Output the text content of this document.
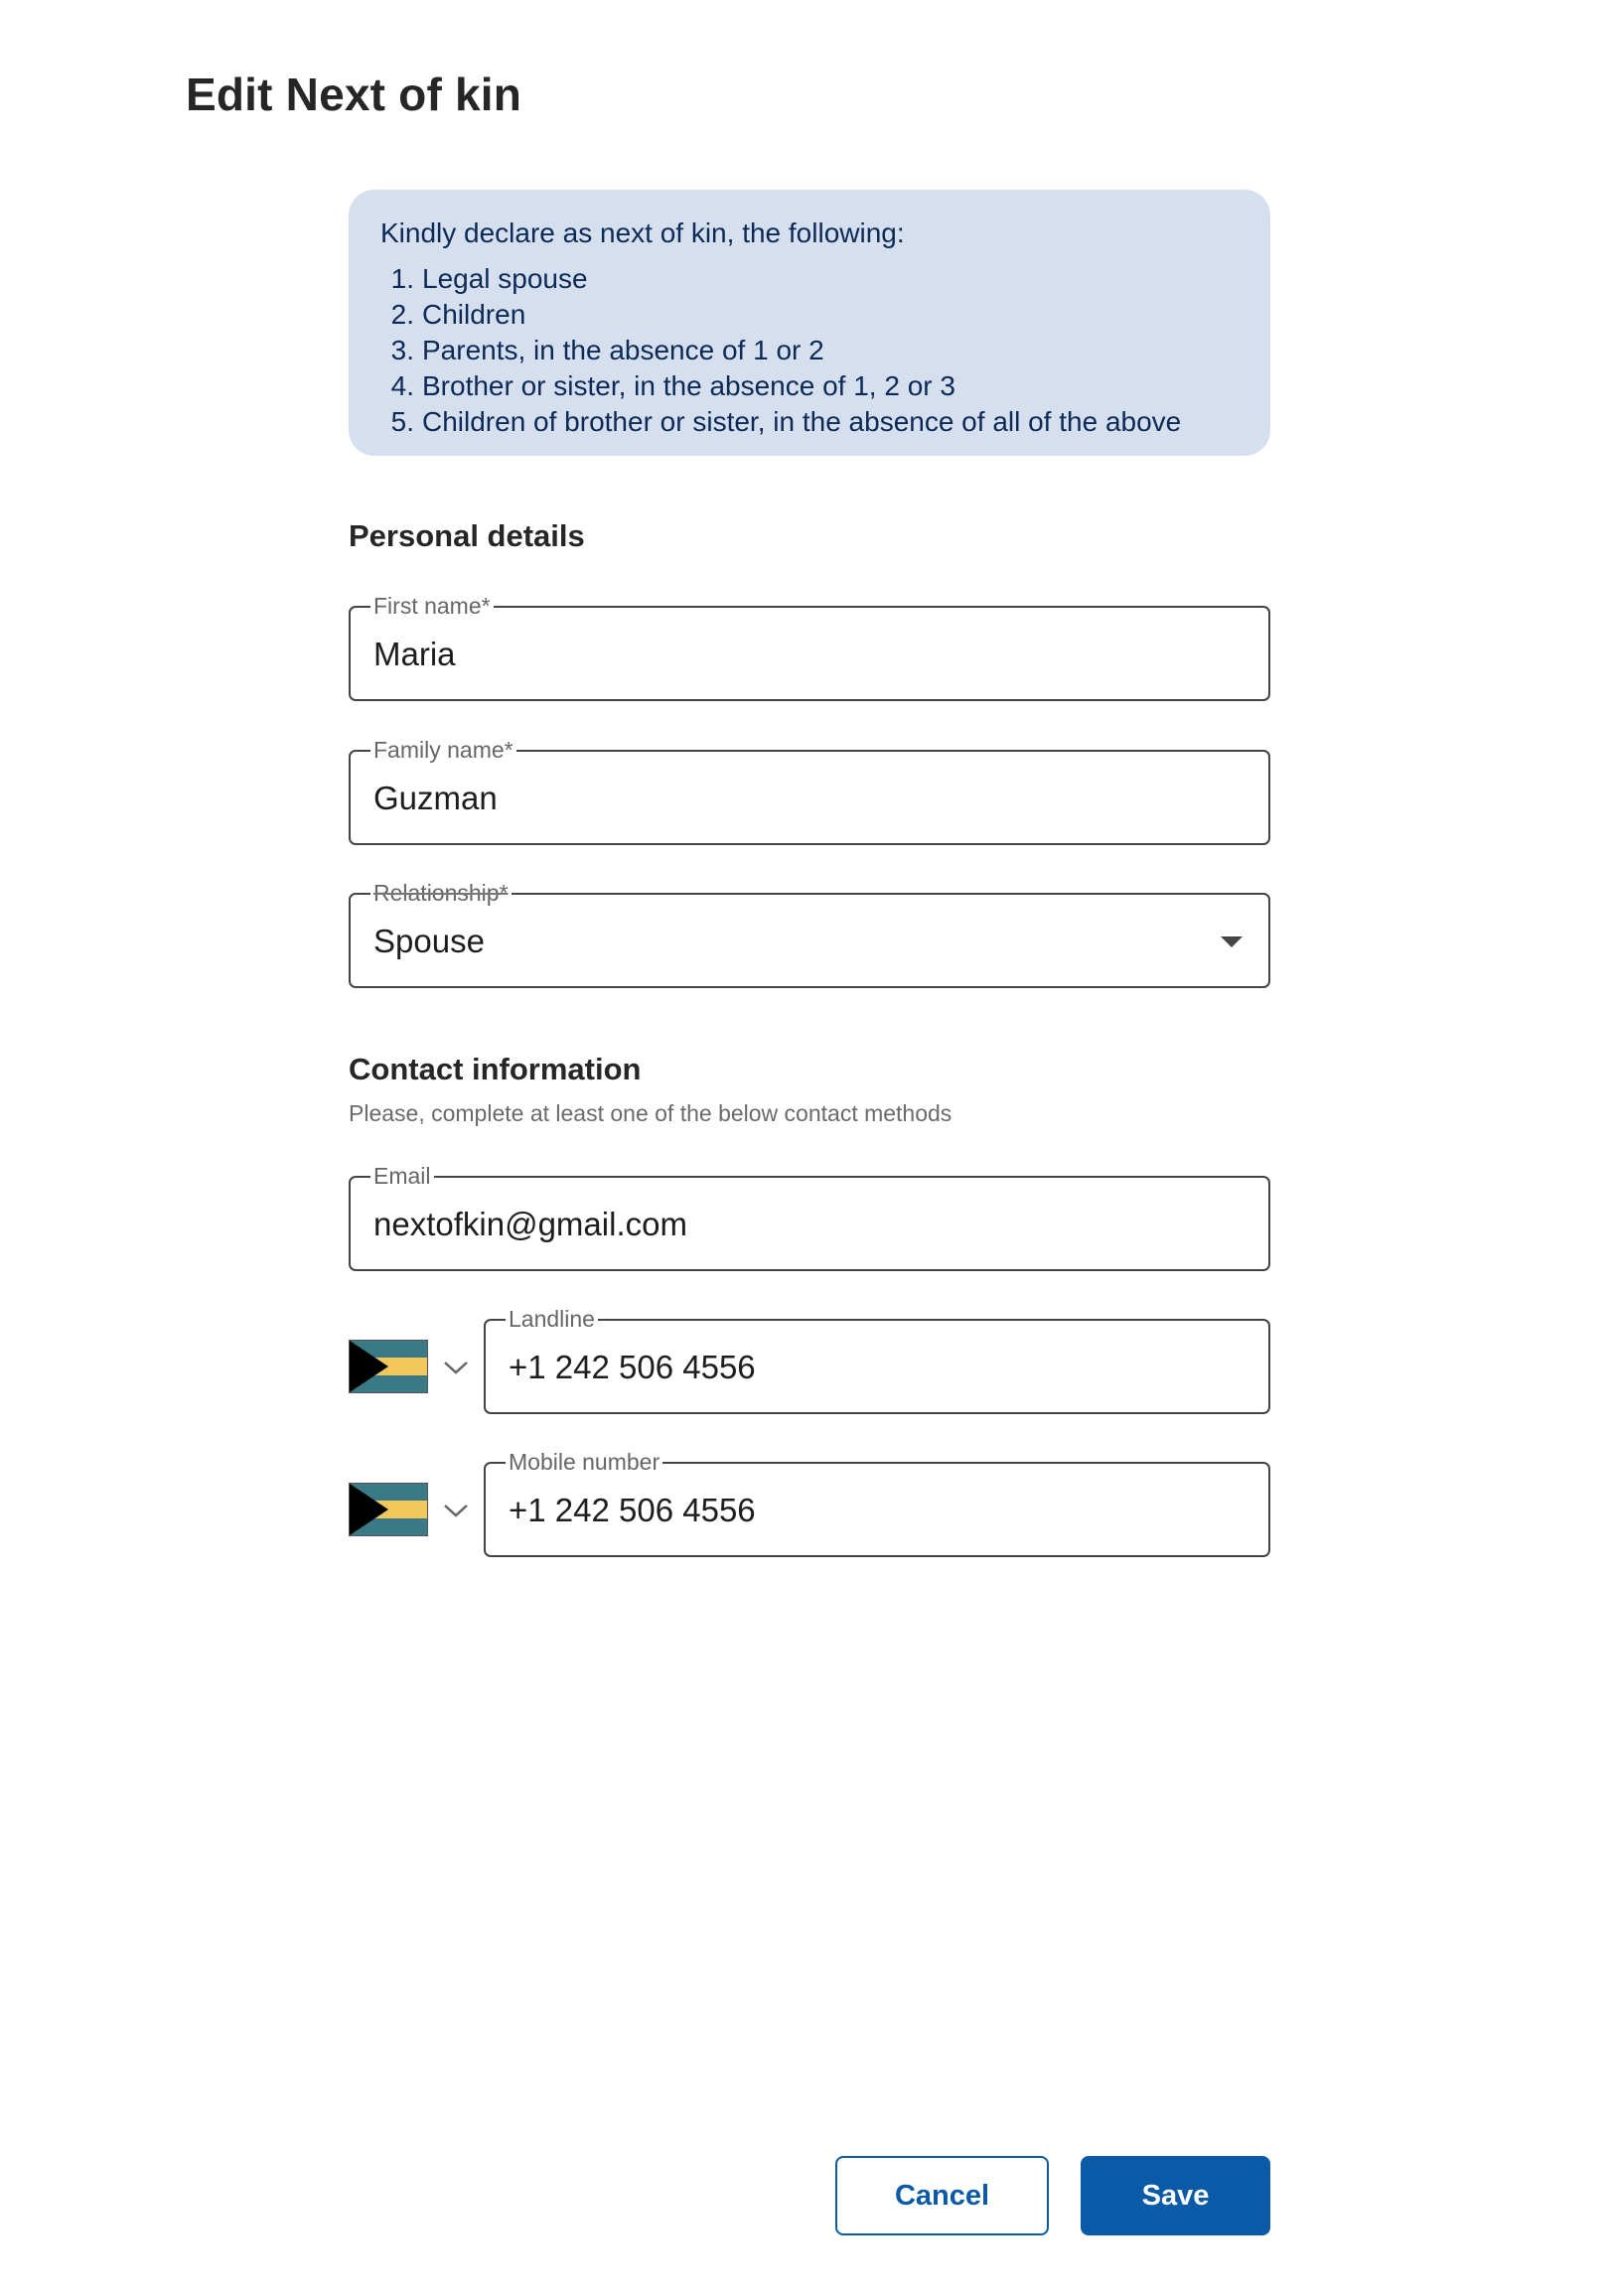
Edit Next of kin

Kindly declare as next of kin, the following:

1. Legal spouse
2. Children
3. Parents, in the absence of 1 or 2
4. Brother or sister, in the absence of 1, 2 or 3
5. Children of brother or sister, in the absence of all of the above
Personal details
First name*
Maria
Family name*
Guzman
Relationship*
Spouse
Contact information

Please, complete at least one of the below contact methods

Email
nextofkin@gmail.com
Landline
+1 242 506 4556
Mobile number
+1 242 506 4556
Cancel	Save
